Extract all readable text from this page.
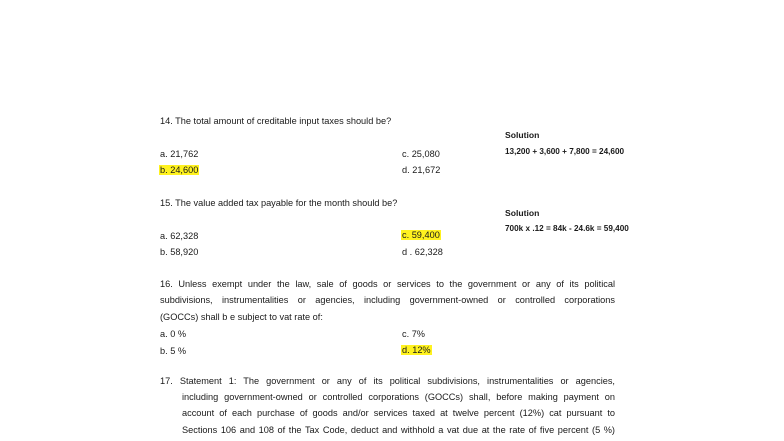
14. The total amount of creditable input taxes should be?
Solution
a. 21,762	c. 25,080	13,200 + 3,600 + 7,800 = 24,600
b. 24,600	d. 21,672
15. The value added tax payable for the month should be?
Solution
700k x .12 = 84k - 24.6k = 59,400
a. 62,328	c. 59,400
b. 58,920	d . 62,328
16. Unless exempt under the law, sale of goods or services to the government or any of its political
subdivisions, instrumentalities or agencies, including government-owned or controlled corporations
(GOCCs) shall b e subject to vat rate of:
a. 0 %	c. 7%
b. 5 %	d. 12%
17. Statement 1: The government or any of its political subdivisions, instrumentalities or agencies,
including government-owned or controlled corporations (GOCCs) shall, before making payment on
account of each purchase of goods and/or services taxed at twelve percent (12%) cat pursuant to
Sections 106 and 108 of the Tax Code, deduct and withhold a vat due at the rate of five percent (5 %)
